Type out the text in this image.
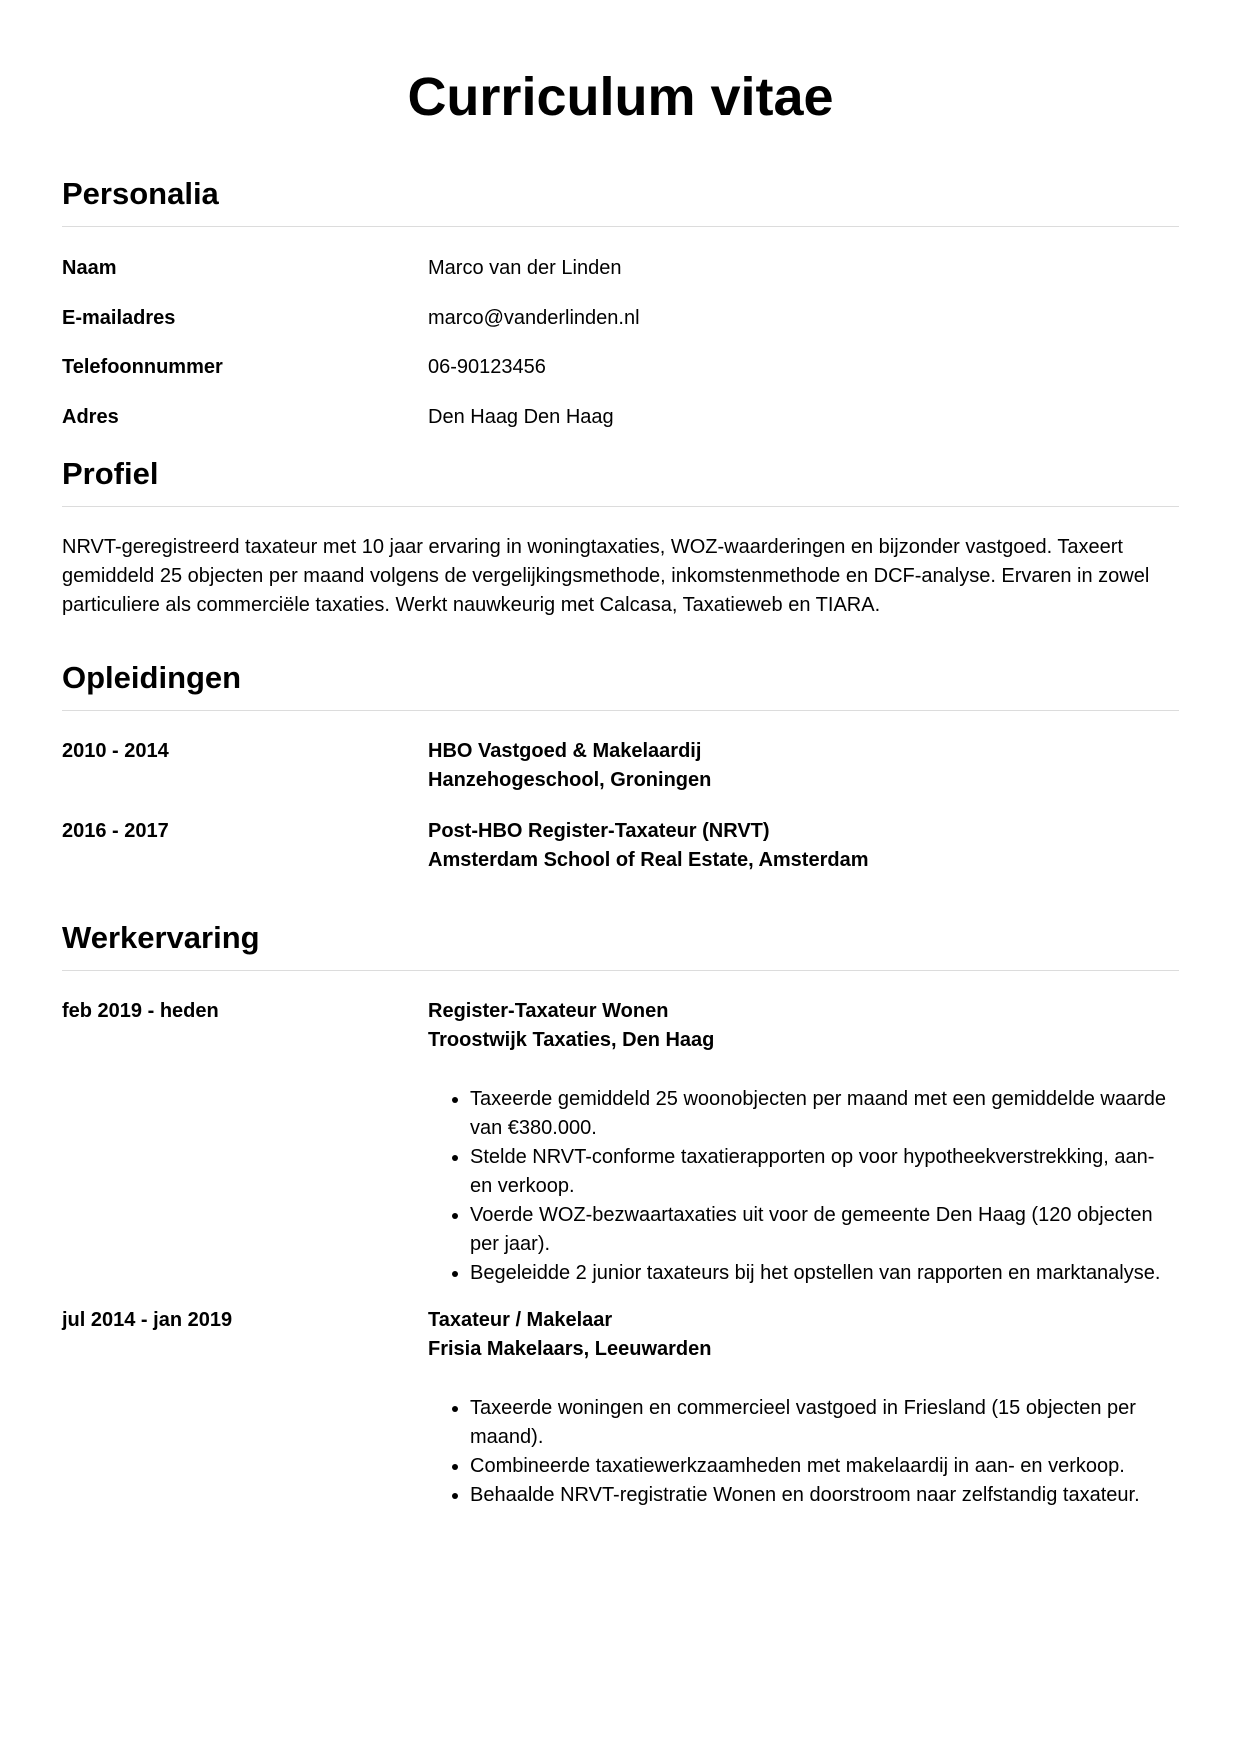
Curriculum vitae
Personalia
Naam	Marco van der Linden
E-mailadres	marco@vanderlinden.nl
Telefoonnummer	06-90123456
Adres	Den Haag Den Haag
Profiel

NRVT-geregistreerd taxateur met 10 jaar ervaring in woningtaxaties, WOZ-waarderingen en bijzonder vastgoed. Taxeert gemiddeld 25 objecten per maand volgens de vergelijkingsmethode, inkomstenmethode en DCF-analyse. Ervaren in zowel particuliere als commerciële taxaties. Werkt nauwkeurig met Calcasa, Taxatieweb en TIARA.

Opleidingen
2010 - 2014	HBO Vastgoed & Makelaardij
Hanzehogeschool, Groningen
2016 - 2017	Post-HBO Register-Taxateur (NRVT)
Amsterdam School of Real Estate, Amsterdam
Werkervaring
feb 2019 - heden	Register-Taxateur Wonen
Troostwijk Taxaties, Den Haag
• Taxeerde gemiddeld 25 woonobjecten per maand met een gemiddelde waarde van €380.000.
• Stelde NRVT-conforme taxatierapporten op voor hypotheekverstrekking, aan- en verkoop.
• Voerde WOZ-bezwaartaxaties uit voor de gemeente Den Haag (120 objecten per jaar).
• Begeleidde 2 junior taxateurs bij het opstellen van rapporten en marktanalyse.
jul 2014 - jan 2019	Taxateur / Makelaar
Frisia Makelaars, Leeuwarden
• Taxeerde woningen en commercieel vastgoed in Friesland (15 objecten per maand).
• Combineerde taxatiewerkzaamheden met makelaardij in aan- en verkoop.
• Behaalde NRVT-registratie Wonen en doorstroom naar zelfstandig taxateur.
